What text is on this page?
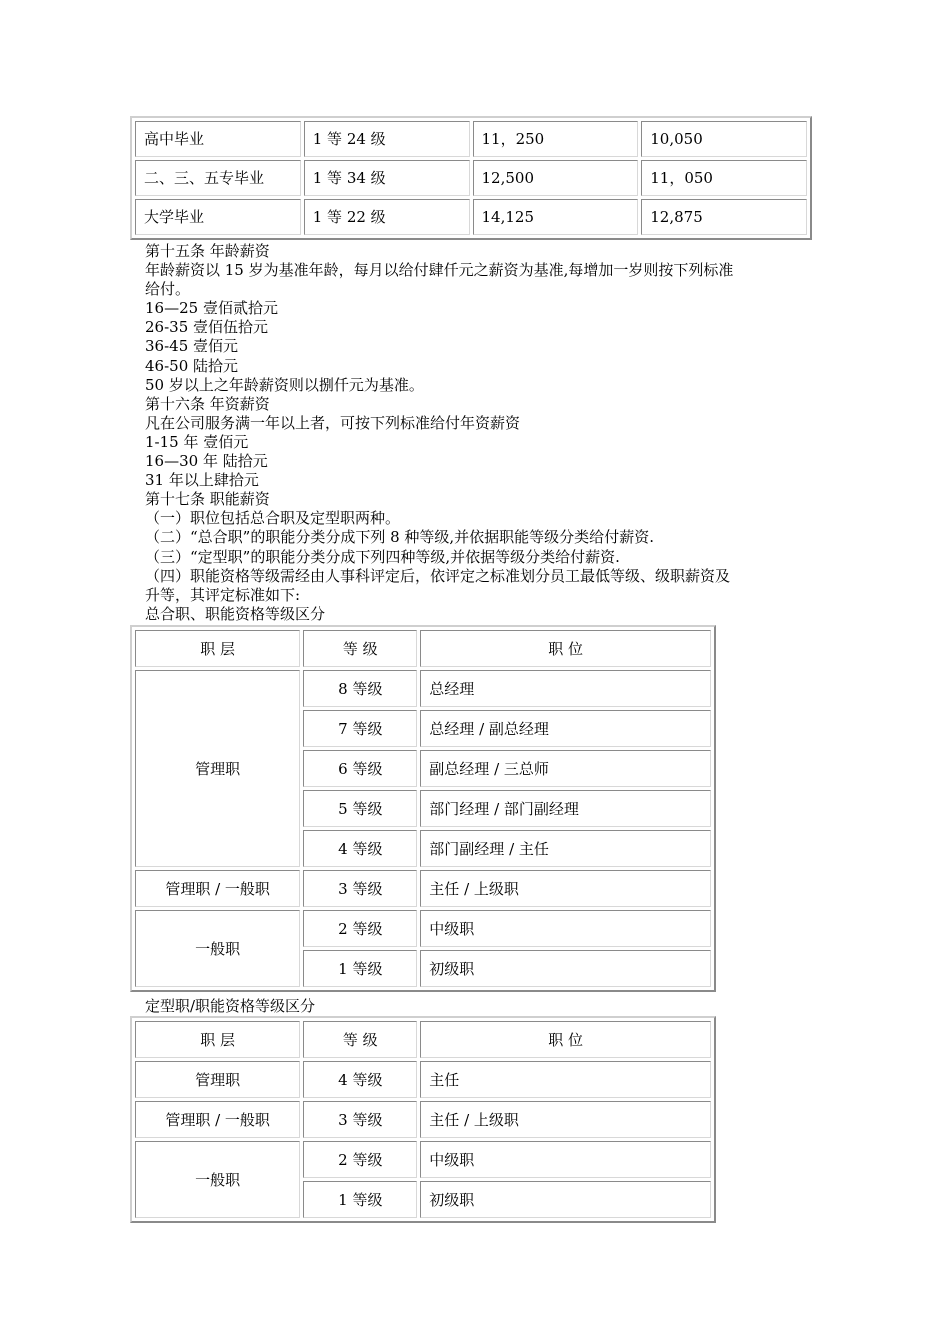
高中毕业	1 等 24 级	11，250	10,050
二、三、五专毕业	1 等 34 级	12,500	11，050
大学毕业	1 等 22 级	14,125	12,875
第十五条 年龄薪资
年龄薪资以 15 岁为基准年龄，每月以给付肆仟元之薪资为基准,每增加一岁则按下列标准
给付。
16—25 壹佰贰拾元
26-35 壹佰伍拾元
36-45 壹佰元
46-50 陆拾元
50 岁以上之年龄薪资则以捌仟元为基准。
第十六条 年资薪资
凡在公司服务满一年以上者，可按下列标准给付年资薪资
1-15 年 壹佰元
16—30 年 陆拾元
31 年以上肆拾元
第十七条 职能薪资
（一）职位包括总合职及定型职两种。
（二）“总合职”的职能分类分成下列 8 种等级,并依据职能等级分类给付薪资.
（三）“定型职”的职能分类分成下列四种等级,并依据等级分类给付薪资.
（四）职能资格等级需经由人事科评定后，依评定之标准划分员工最低等级、级职薪资及
升等，其评定标准如下:
总合职、职能资格等级区分
职 层	等 级	职 位
管理职	8 等级	总经理
	7 等级	总经理 / 副总经理
	6 等级	副总经理 / 三总师
	5 等级	部门经理 / 部门副经理
	4 等级	部门副经理 / 主任
管理职 / 一般职	3 等级	主任 / 上级职
一般职	2 等级	中级职
	1 等级	初级职
定型职/职能资格等级区分
职 层	等 级	职 位
管理职	4 等级	主任
管理职 / 一般职	3 等级	主任 / 上级职
一般职	2 等级	中级职
	1 等级	初级职
